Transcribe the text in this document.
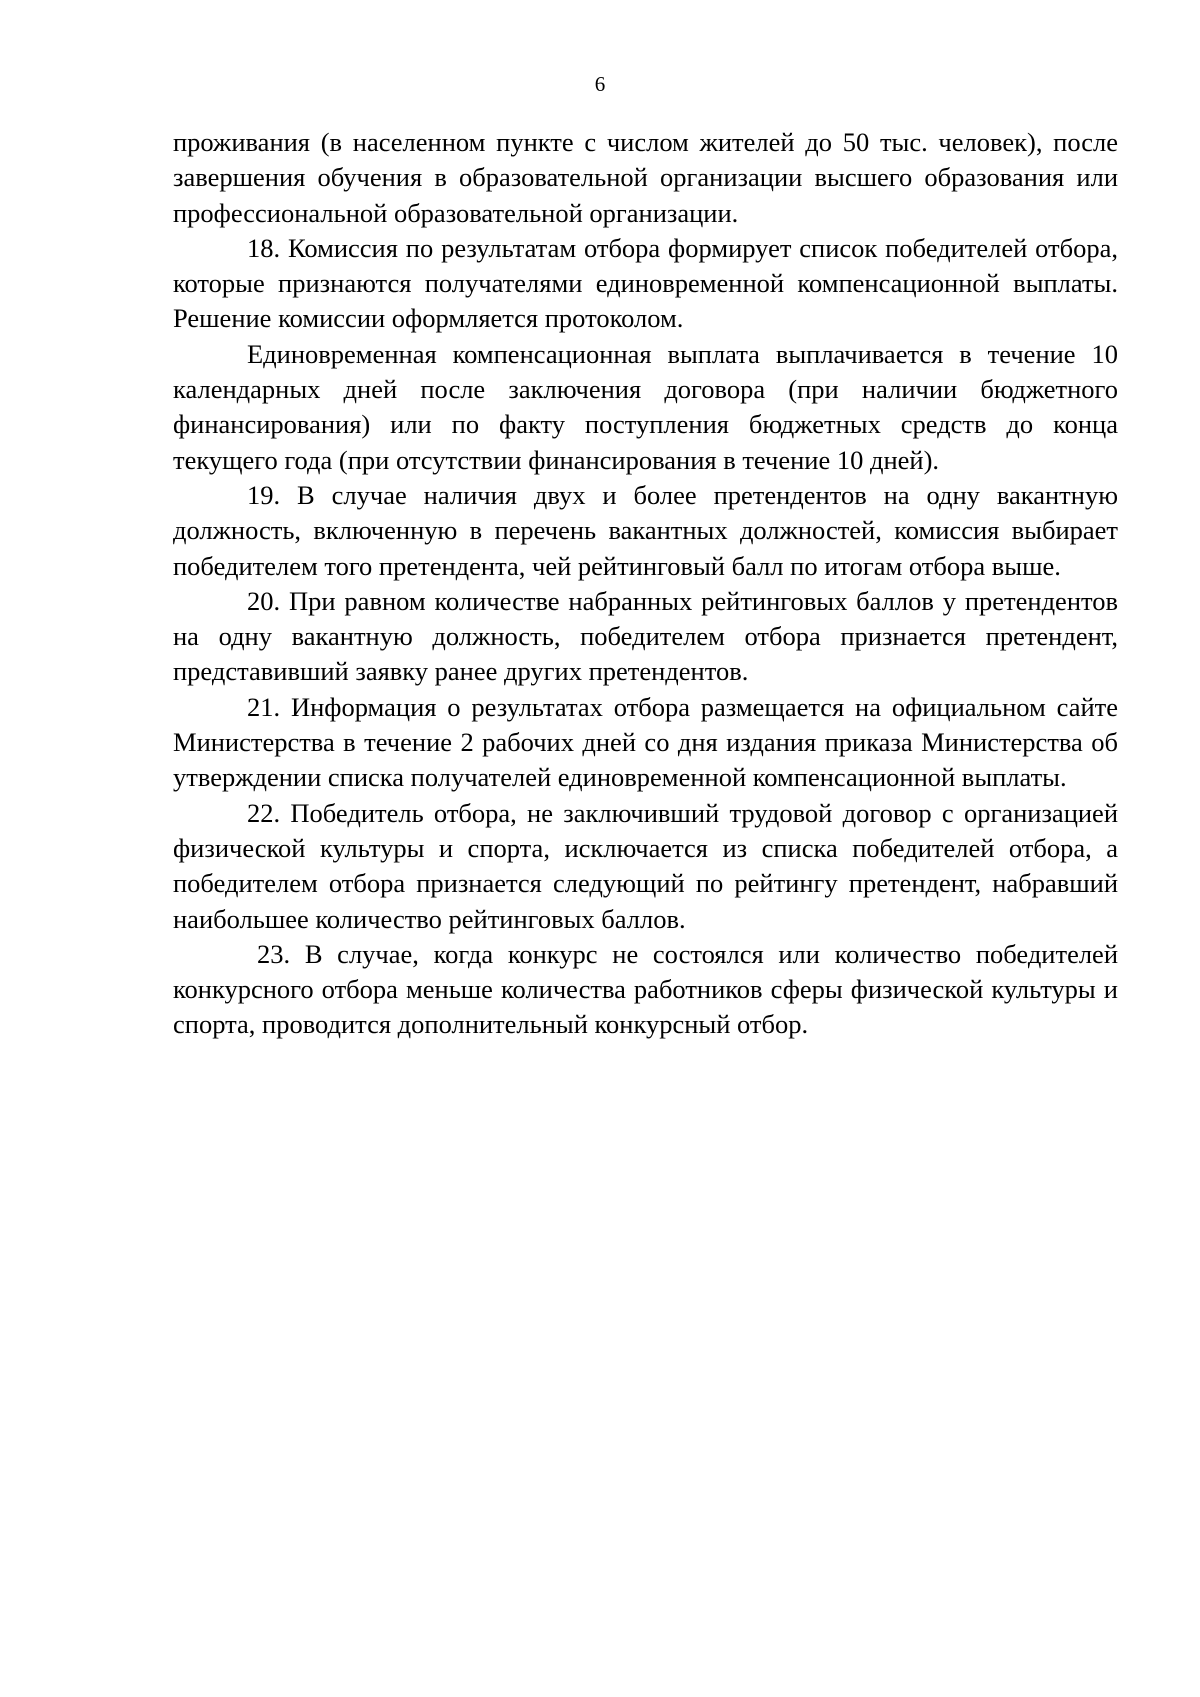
6

проживания (в населенном пункте с числом жителей до 50 тыс. человек), после завершения обучения в образовательной организации высшего образования или профессиональной образовательной организации.

18. Комиссия по результатам отбора формирует список победителей отбора, которые признаются получателями единовременной компенсационной выплаты. Решение комиссии оформляется протоколом.

Единовременная компенсационная выплата выплачивается в течение 10 календарных дней после заключения договора (при наличии бюджетного финансирования) или по факту поступления бюджетных средств до конца текущего года (при отсутствии финансирования в течение 10 дней).

19. В случае наличия двух и более претендентов на одну вакантную должность, включенную в перечень вакантных должностей, комиссия выбирает победителем того претендента, чей рейтинговый балл по итогам отбора выше.

20. При равном количестве набранных рейтинговых баллов у претендентов на одну вакантную должность, победителем отбора признается претендент, представивший заявку ранее других претендентов.

21. Информация о результатах отбора размещается на официальном сайте Министерства в течение 2 рабочих дней со дня издания приказа Министерства об утверждении списка получателей единовременной компенсационной выплаты.

22. Победитель отбора, не заключивший трудовой договор с организацией физической культуры и спорта, исключается из списка победителей отбора, а победителем отбора признается следующий по рейтингу претендент, набравший наибольшее количество рейтинговых баллов.

23. В случае, когда конкурс не состоялся или количество победителей конкурсного отбора меньше количества работников сферы физической культуры и спорта, проводится дополнительный конкурсный отбор.
